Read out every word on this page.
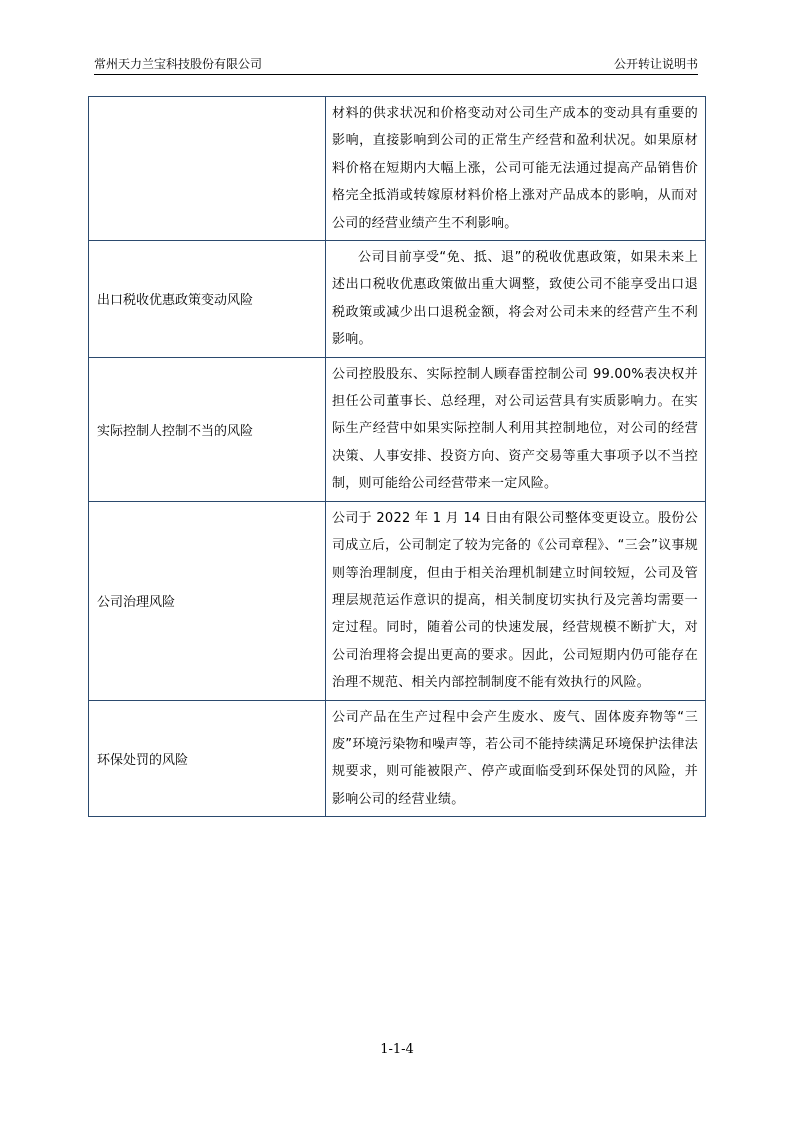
常州天力兰宝科技股份有限公司	公开转让说明书
	材料的供求状况和价格变动对公司生产成本的变动具有重要的影响，直接影响到公司的正常生产经营和盈利状况。如果原材料价格在短期内大幅上涨，公司可能无法通过提高产品销售价格完全抵消或转嫁原材料价格上涨对产品成本的影响，从而对公司的经营业绩产生不利影响。
出口税收优惠政策变动风险	公司目前享受“免、抵、退”的税收优惠政策，如果未来上述出口税收优惠政策做出重大调整，致使公司不能享受出口退税政策或减少出口退税金额，将会对公司未来的经营产生不利影响。
实际控制人控制不当的风险	公司控股股东、实际控制人顾春雷控制公司 99.00%表决权并担任公司董事长、总经理，对公司运营具有实质影响力。在实际生产经营中如果实际控制人利用其控制地位，对公司的经营决策、人事安排、投资方向、资产交易等重大事项予以不当控制，则可能给公司经营带来一定风险。
公司治理风险	公司于 2022 年 1 月 14 日由有限公司整体变更设立。股份公司成立后，公司制定了较为完备的《公司章程》、“三会”议事规则等治理制度，但由于相关治理机制建立时间较短，公司及管理层规范运作意识的提高，相关制度切实执行及完善均需要一定过程。同时，随着公司的快速发展，经营规模不断扩大，对公司治理将会提出更高的要求。因此，公司短期内仍可能存在治理不规范、相关内部控制制度不能有效执行的风险。
环保处罚的风险	公司产品在生产过程中会产生废水、废气、固体废弃物等“三废”环境污染物和噪声等，若公司不能持续满足环境保护法律法规要求，则可能被限产、停产或面临受到环保处罚的风险，并影响公司的经营业绩。
1-1-4
